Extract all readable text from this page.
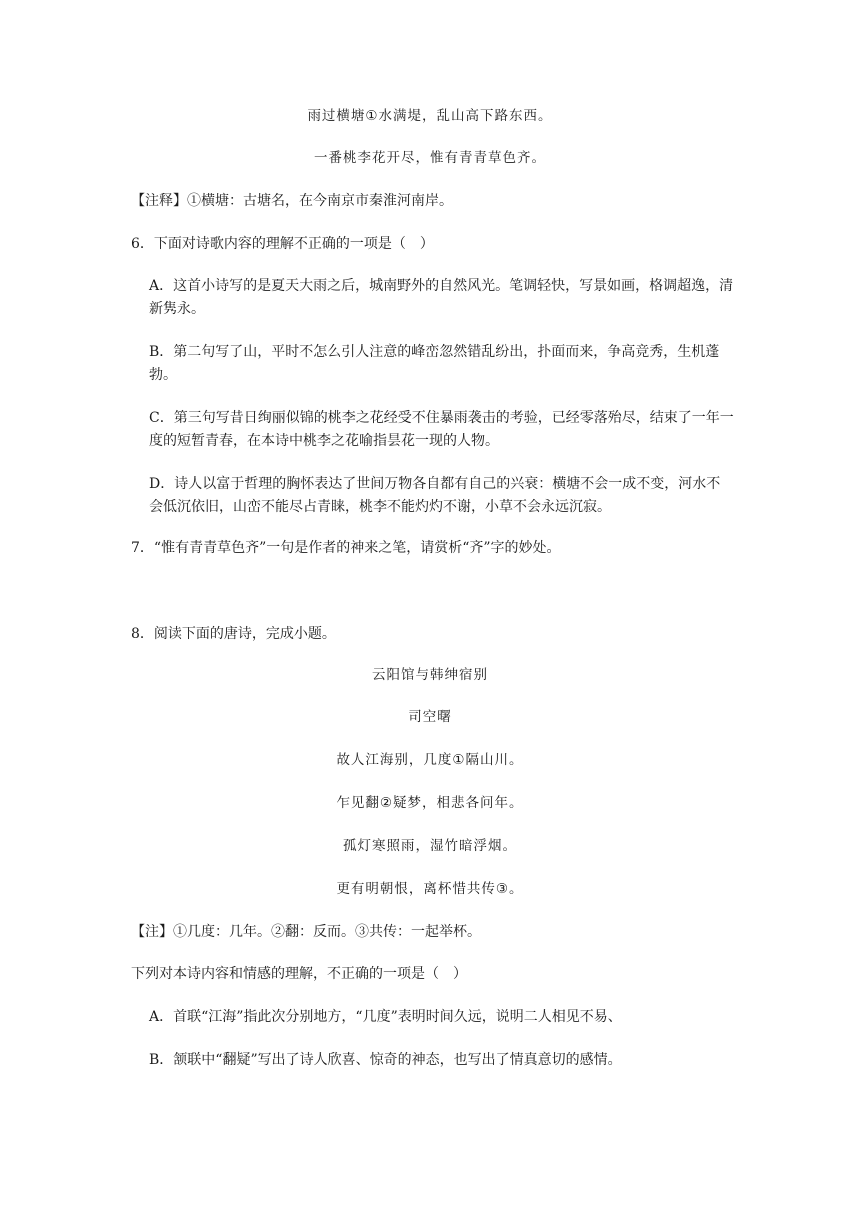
雨过横塘①水满堤，乱山高下路东西。
一番桃李花开尽，惟有青青草色齐。
【注释】①横塘：古塘名，在今南京市秦淮河南岸。
6．下面对诗歌内容的理解不正确的一项是（　）
A．这首小诗写的是夏天大雨之后，城南野外的自然风光。笔调轻快，写景如画，格调超逸，清新隽永。
B．第二句写了山，平时不怎么引人注意的峰峦忽然错乱纷出，扑面而来，争高竞秀，生机蓬勃。
C．第三句写昔日绚丽似锦的桃李之花经受不住暴雨袭击的考验，已经零落殆尽，结束了一年一度的短暂青春，在本诗中桃李之花喻指昙花一现的人物。
D．诗人以富于哲理的胸怀表达了世间万物各自都有自己的兴衰：横塘不会一成不变，河水不会低沉依旧，山峦不能尽占青睐，桃李不能灼灼不谢，小草不会永远沉寂。
7．“惟有青青草色齐”一句是作者的神来之笔，请赏析“齐”字的妙处。
8．阅读下面的唐诗，完成小题。
云阳馆与韩绅宿别
司空曙
故人江海别，几度①隔山川。
乍见翻②疑梦，相悲各问年。
孤灯寒照雨，湿竹暗浮烟。
更有明朝恨，离杯惜共传③。
【注】①几度：几年。②翻：反而。③共传：一起举杯。
下列对本诗内容和情感的理解，不正确的一项是（　）
A．首联“江海”指此次分别地方，“几度”表明时间久远，说明二人相见不易、
B．颔联中“翻疑”写出了诗人欣喜、惊奇的神态，也写出了情真意切的感情。
